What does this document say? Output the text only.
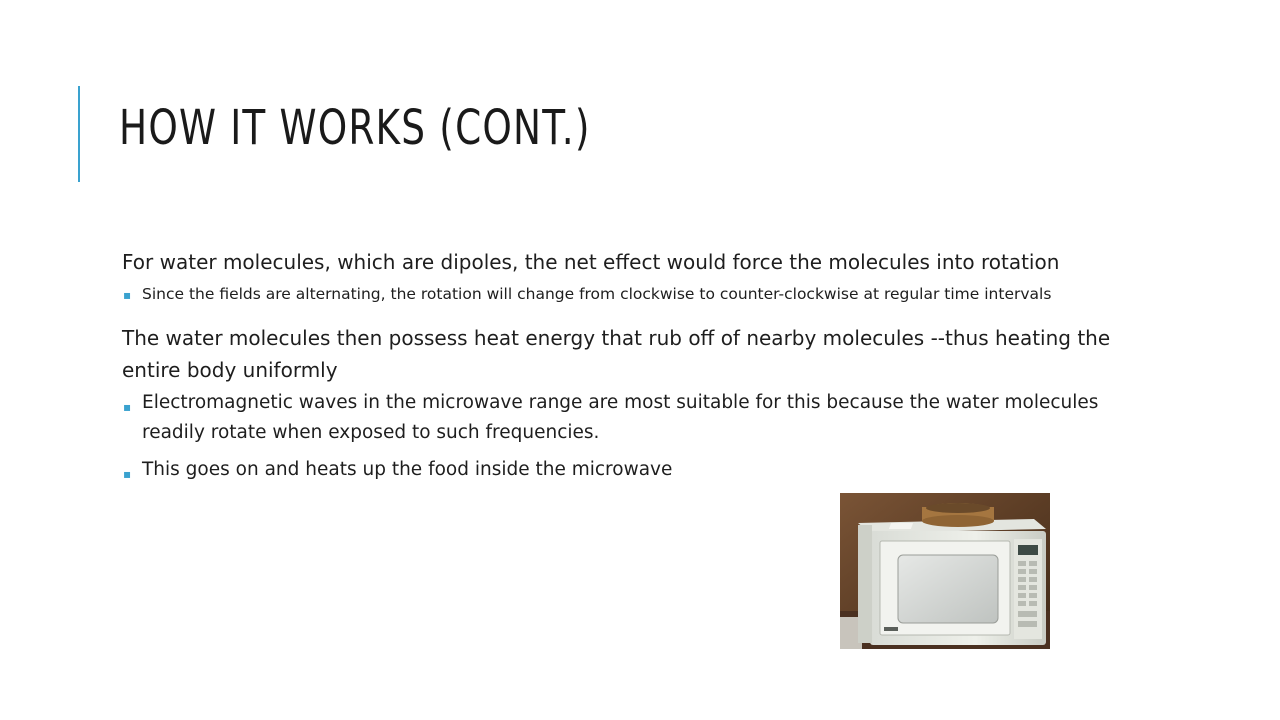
HOW IT WORKS (CONT.)

For water molecules, which are dipoles, the net effect would force the molecules into rotation

▪ Since the fields are alternating, the rotation will change from clockwise to counter-clockwise at regular time intervals

The water molecules then possess heat energy that rub off of nearby molecules --thus heating the entire body uniformly

▪ Electromagnetic waves in the microwave range are most suitable for this because the water molecules readily rotate when exposed to such frequencies.
▪ This goes on and heats up the food inside the microwave
